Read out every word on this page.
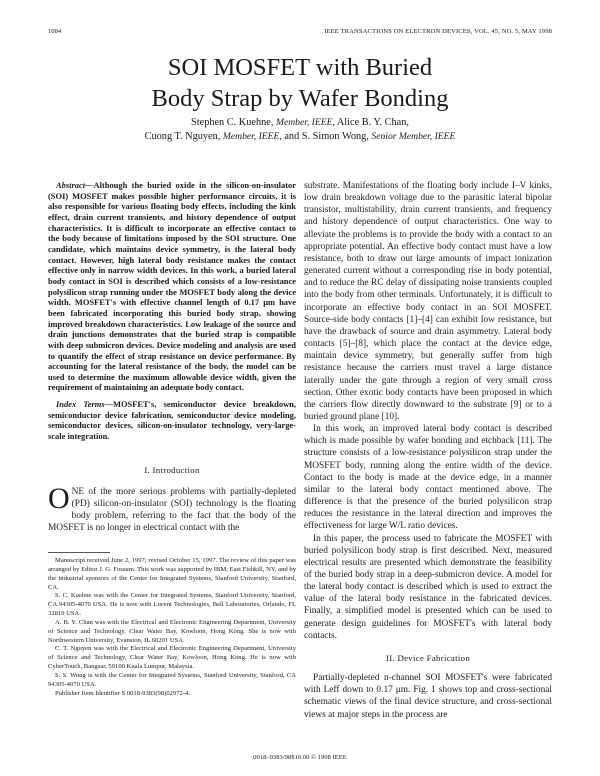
1084	IEEE TRANSACTIONS ON ELECTRON DEVICES, VOL. 45, NO. 5, MAY 1998
SOI MOSFET with Buried
Body Strap by Wafer Bonding
Stephen C. Kuehne, Member, IEEE, Alice B. Y. Chan,
Cuong T. Nguyen, Member, IEEE, and S. Simon Wong, Senior Member, IEEE

Abstract—Although the buried oxide in the silicon-on-insulator (SOI) MOSFET makes possible higher performance circuits, it is also responsible for various floating body effects, including the kink effect, drain current transients, and history dependence of output characteristics. It is difficult to incorporate an effective contact to the body because of limitations imposed by the SOI structure. One candidate, which maintains device symmetry, is the lateral body contact. However, high lateral body resistance makes the contact effective only in narrow width devices. In this work, a buried lateral body contact in SOI is described which consists of a low-resistance polysilicon strap running under the MOSFET body along the device width. MOSFET's with effective channel length of 0.17 μm have been fabricated incorporating this buried body strap, showing improved breakdown characteristics. Low leakage of the source and drain junctions demonstrates that the buried strap is compatible with deep submicron devices. Device modeling and analysis are used to quantify the effect of strap resistance on device performance. By accounting for the lateral resistance of the body, the model can be used to determine the maximum allowable device width, given the requirement of maintaining an adequate body contact.

Index Terms—MOSFET's, semiconductor device breakdown, semiconductor device fabrication, semiconductor device modeling, semiconductor devices, silicon-on-insulator technology, very-large-scale integration.

I. Introduction

ONE of the more serious problems with partially-depleted (PD) silicon-on-insulator (SOI) technology is the floating body problem, referring to the fact that the body of the MOSFET is no longer in electrical contact with the

Manuscript received June 2, 1997; revised October 15, 1997. The review of this paper was arranged by Editor J. G. Fossum. This work was supported by IBM, East Fishkill, NY, and by the industrial sponsors of the Center for Integrated Systems, Stanford University, Stanford, CA.

S. C. Kuehne was with the Center for Integrated Systems, Stanford University, Stanford, CA 94305-4070 USA. He is now with Lucent Technologies, Bell Laboratories, Orlando, FL 32819 USA.

A. B. Y. Chan was with the Electrical and Electronic Engineering Department, University of Science and Technology, Clear Water Bay, Kowloon, Hong Kong. She is now with Northwestern University, Evanston, IL 60201 USA.

C. T. Nguyen was with the Electrical and Electronic Engineering Department, University of Science and Technology, Clear Water Bay, Kowloon, Hong Kong. He is now with CyberTouch, Bangsar, 59100 Kuala Lumpur, Malaysia.

S. S. Wong is with the Center for Integrated Systems, Stanford University, Stanford, CA 94305-4070 USA.

Publisher Item Identifier S 0018-9383(98)02972-4.

substrate. Manifestations of the floating body include I–V kinks, low drain breakdown voltage due to the parasitic lateral bipolar transistor, multistability, drain current transients, and frequency and history dependence of output characteristics. One way to alleviate the problems is to provide the body with a contact to an appropriate potential. An effective body contact must have a low resistance, both to draw out large amounts of impact ionization generated current without a corresponding rise in body potential, and to reduce the RC delay of dissipating noise transients coupled into the body from other terminals. Unfortunately, it is difficult to incorporate an effective body contact in an SOI MOSFET. Source-side body contacts [1]–[4] can exhibit low resistance, but have the drawback of source and drain asymmetry. Lateral body contacts [5]–[8], which place the contact at the device edge, maintain device symmetry, but generally suffer from high resistance because the carriers must travel a large distance laterally under the gate through a region of very small cross section. Other exotic body contacts have been proposed in which the carriers flow directly downward to the substrate [9] or to a buried ground plane [10].

In this work, an improved lateral body contact is described which is made possible by wafer bonding and etchback [11]. The structure consists of a low-resistance polysilicon strap under the MOSFET body, running along the entire width of the device. Contact to the body is made at the device edge, in a manner similar to the lateral body contact mentioned above. The difference is that the presence of the buried polysilicon strap reduces the resistance in the lateral direction and improves the effectiveness for large W/L ratio devices.

In this paper, the process used to fabricate the MOSFET with buried polysilicon body strap is first described. Next, measured electrical results are presented which demonstrate the feasibility of the buried body strap in a deep-submicron device. A model for the lateral body contact is described which is used to extract the value of the lateral body resistance in the fabricated devices. Finally, a simplified model is presented which can be used to generate design guidelines for MOSFET's with lateral body contacts.

II. Device Fabrication

Partially-depleted n-channel SOI MOSFET's were fabricated with Leff down to 0.17 μm. Fig. 1 shows top and cross-sectional schematic views of the final device structure, and cross-sectional views at major steps in the process are

0018–9383/98$10.00 © 1998 IEEE
